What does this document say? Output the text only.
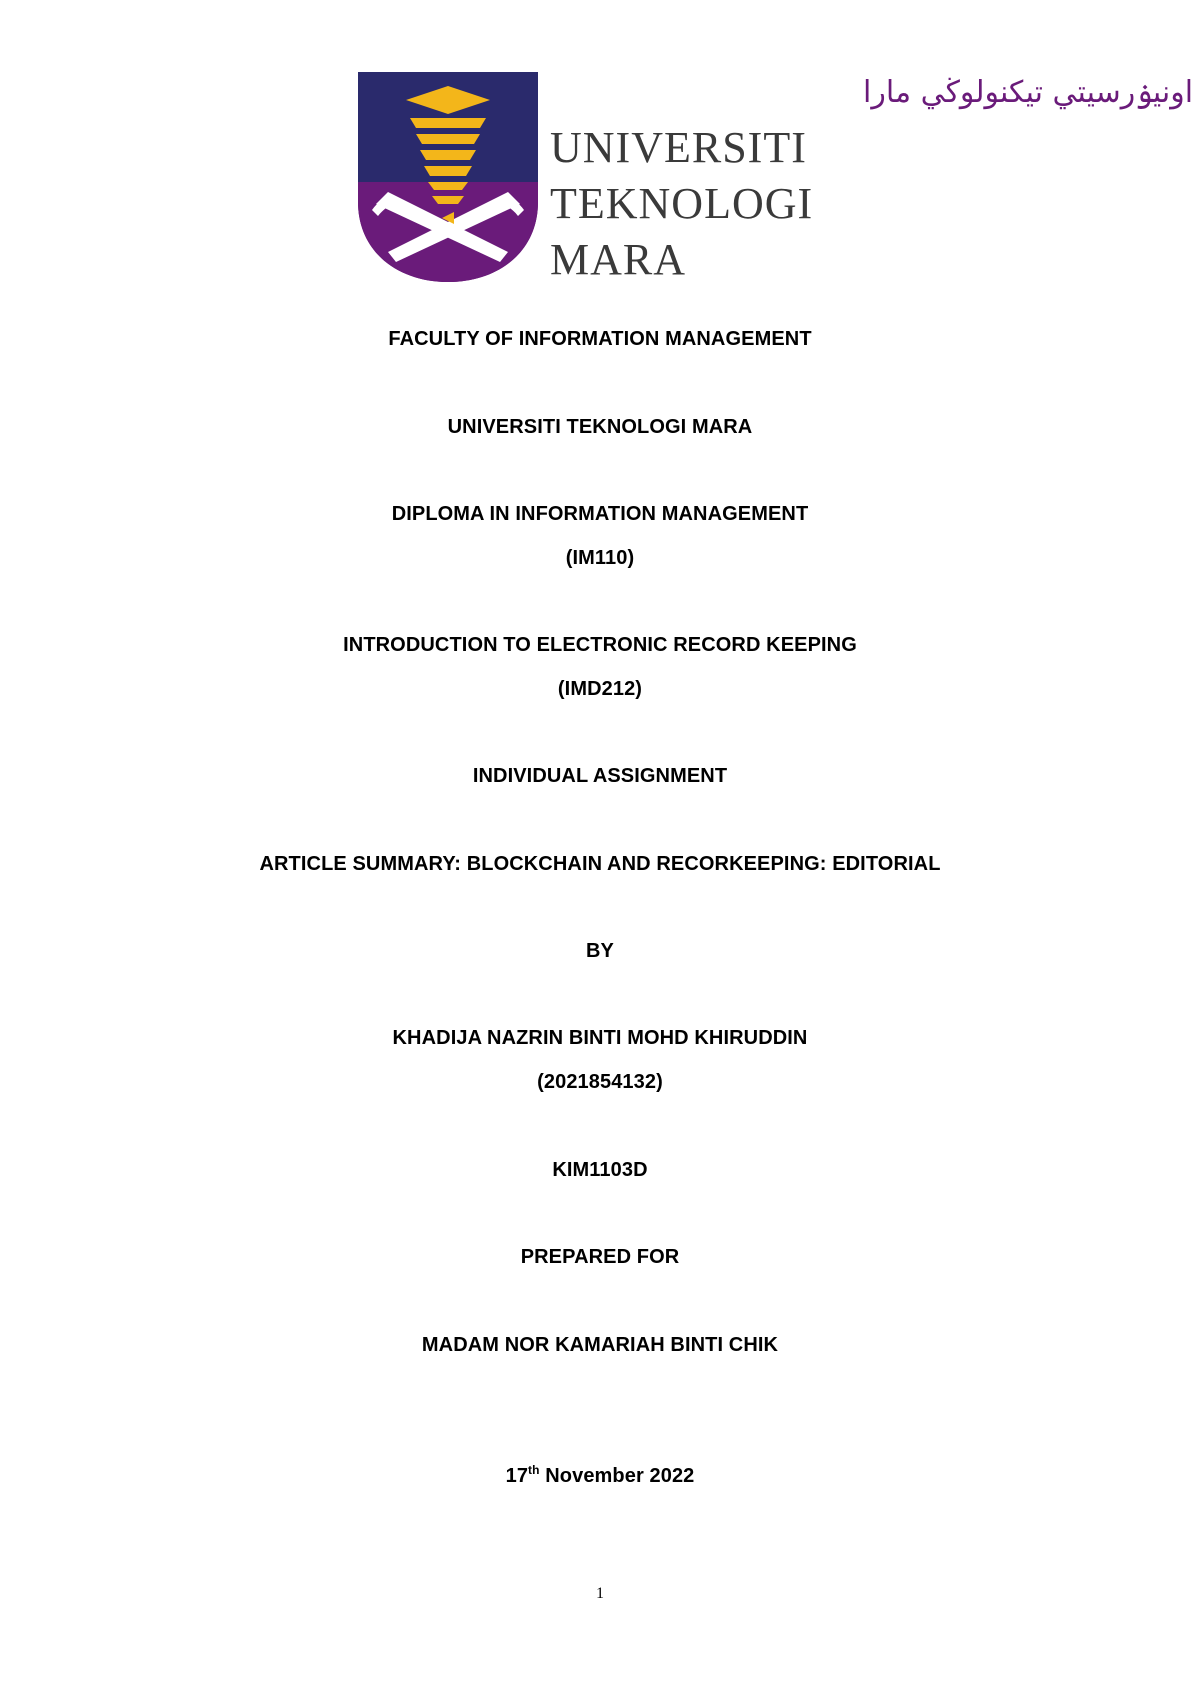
اونيۏرسيتي تيكنولوڬي مارا
UNIVERSITI
TEKNOLOGI
MARA

FACULTY OF INFORMATION MANAGEMENT

UNIVERSITI TEKNOLOGI MARA

DIPLOMA IN INFORMATION MANAGEMENT

(IM110)

INTRODUCTION TO ELECTRONIC RECORD KEEPING

(IMD212)

INDIVIDUAL ASSIGNMENT

ARTICLE SUMMARY: BLOCKCHAIN AND RECORKEEPING: EDITORIAL

BY

KHADIJA NAZRIN BINTI MOHD KHIRUDDIN

(2021854132)

KIM1103D

PREPARED FOR

MADAM NOR KAMARIAH BINTI CHIK

17th November 2022

1
